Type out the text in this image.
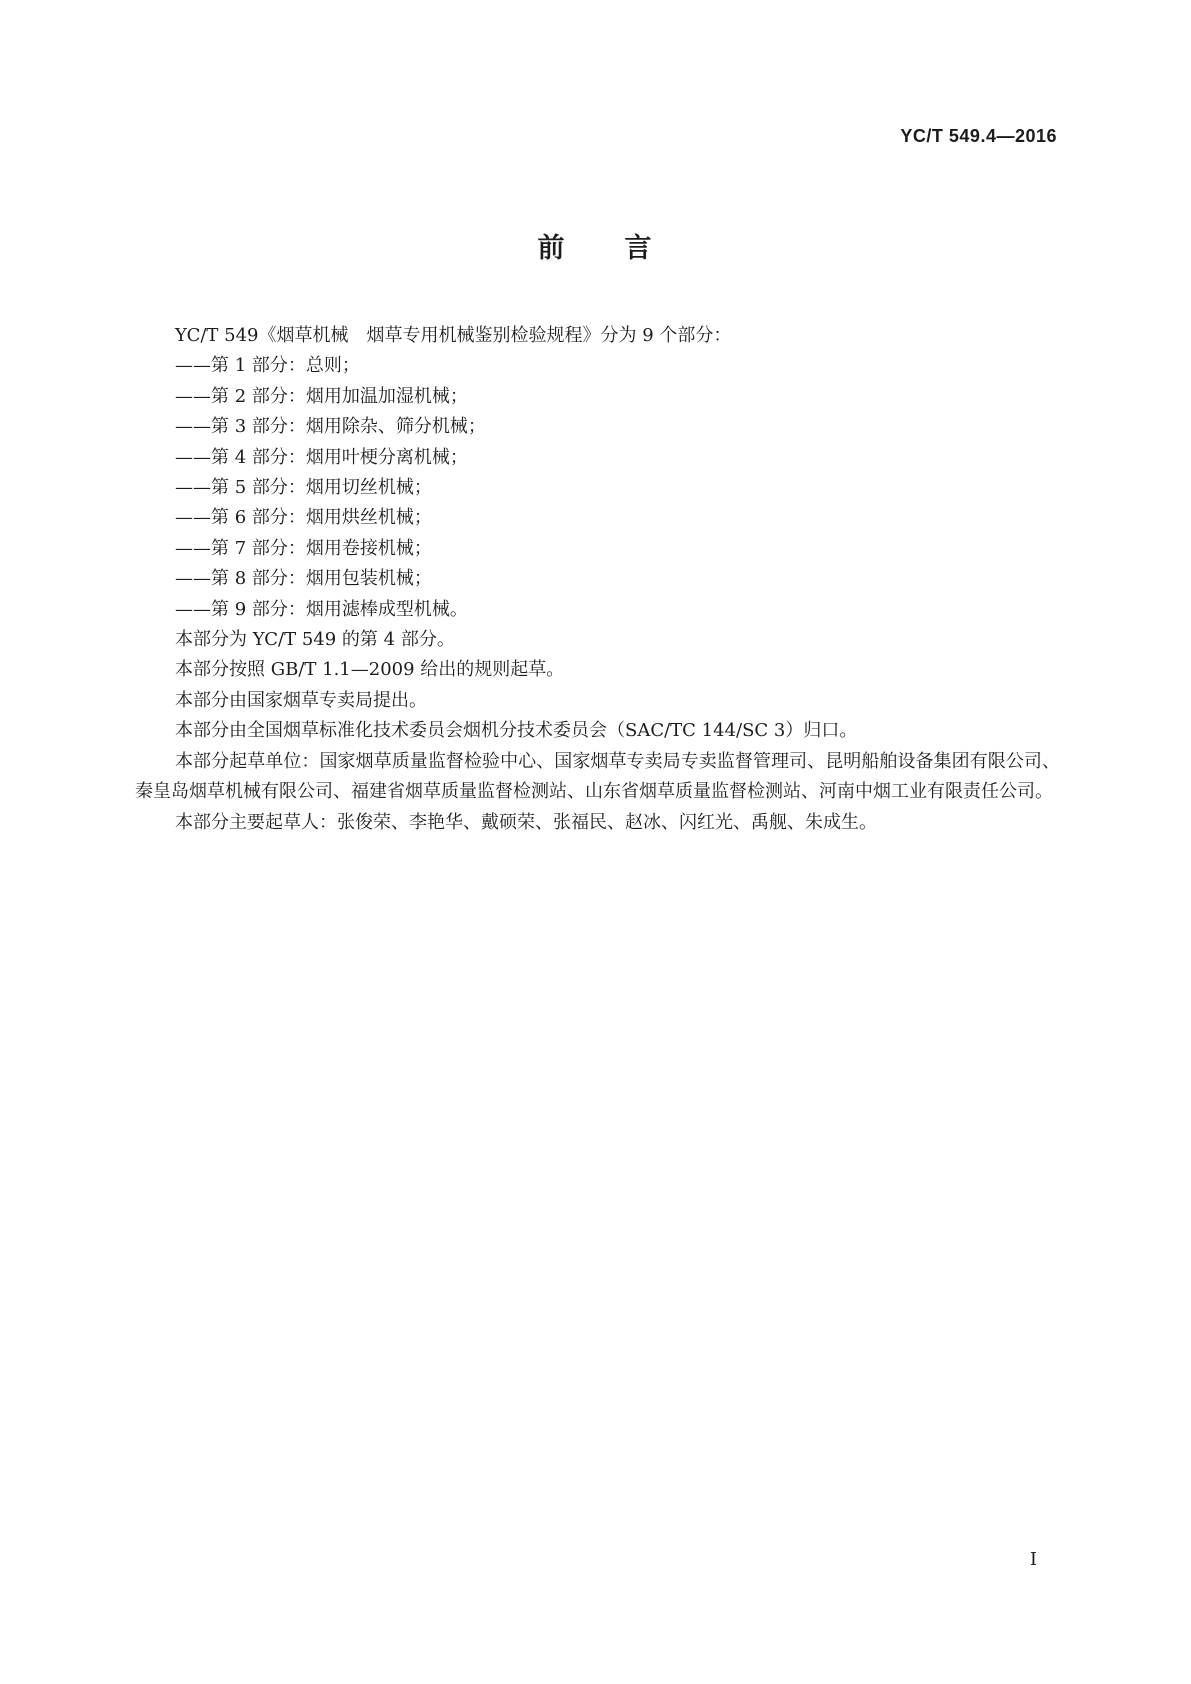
YC/T 549.4—2016
前 言

YC/T 549《烟草机械　烟草专用机械鉴别检验规程》分为 9 个部分：

——第 1 部分：总则；

——第 2 部分：烟用加温加湿机械；

——第 3 部分：烟用除杂、筛分机械；

——第 4 部分：烟用叶梗分离机械；

——第 5 部分：烟用切丝机械；

——第 6 部分：烟用烘丝机械；

——第 7 部分：烟用卷接机械；

——第 8 部分：烟用包装机械；

——第 9 部分：烟用滤棒成型机械。

本部分为 YC/T 549 的第 4 部分。

本部分按照 GB/T 1.1—2009 给出的规则起草。

本部分由国家烟草专卖局提出。

本部分由全国烟草标准化技术委员会烟机分技术委员会（SAC/TC 144/SC 3）归口。

本部分起草单位：国家烟草质量监督检验中心、国家烟草专卖局专卖监督管理司、昆明船舶设备集团有限公司、秦皇岛烟草机械有限公司、福建省烟草质量监督检测站、山东省烟草质量监督检测站、河南中烟工业有限责任公司。

本部分主要起草人：张俊荣、李艳华、戴硕荣、张福民、赵冰、闪红光、禹舰、朱成生。

I
